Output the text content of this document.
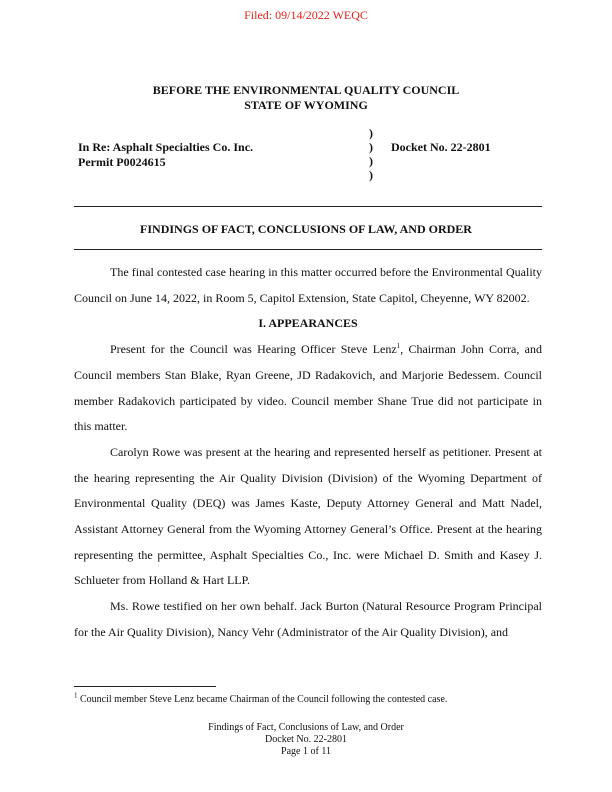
Filed: 09/14/2022 WEQC
BEFORE THE ENVIRONMENTAL QUALITY COUNCIL
STATE OF WYOMING
In Re: Asphalt Specialties Co. Inc.
Permit P0024615
)
)
)
)
Docket No. 22-2801
FINDINGS OF FACT, CONCLUSIONS OF LAW, AND ORDER

The final contested case hearing in this matter occurred before the Environmental Quality Council on June 14, 2022, in Room 5, Capitol Extension, State Capitol, Cheyenne, WY 82002.

I. APPEARANCES

Present for the Council was Hearing Officer Steve Lenz$^1$, Chairman John Corra, and Council members Stan Blake, Ryan Greene, JD Radakovich, and Marjorie Bedessem. Council member Radakovich participated by video. Council member Shane True did not participate in this matter.

Carolyn Rowe was present at the hearing and represented herself as petitioner. Present at the hearing representing the Air Quality Division (Division) of the Wyoming Department of Environmental Quality (DEQ) was James Kaste, Deputy Attorney General and Matt Nadel, Assistant Attorney General from the Wyoming Attorney General’s Office. Present at the hearing representing the permittee, Asphalt Specialties Co., Inc. were Michael D. Smith and Kasey J. Schlueter from Holland & Hart LLP.

Ms. Rowe testified on her own behalf. Jack Burton (Natural Resource Program Principal for the Air Quality Division), Nancy Vehr (Administrator of the Air Quality Division), and

$^1$ Council member Steve Lenz became Chairman of the Council following the contested case.
Findings of Fact, Conclusions of Law, and Order
Docket No. 22-2801
Page 1 of 11
